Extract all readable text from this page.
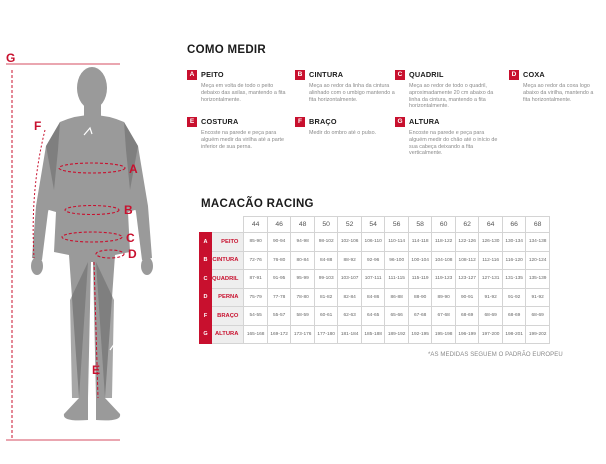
G
F
A
B
C
D
E
COMO MEDIR
A PEITO
Meça em volta de todo o peito debaixo das axilas, mantendo a fita horizontalmente.
B CINTURA
Meça ao redor da linha da cintura alinhado com o umbigo mantendo a fita horizontalmente.
C QUADRIL
Meça ao redor de todo o quadril, aproximadamente 20 cm abaixo da linha da cintura, mantendo a fita horizontalmente.
D COXA
Meça ao redor da coxa logo abaixo da virilha, mantendo a fita horizontalmente.
E COSTURA
Encoste na parede e peça para alguém medir da virilha até a parte inferior de sua perna.
F BRAÇO
Medir do ombro até o pulso.
G ALTURA
Encoste na parede e peça para alguém medir do chão até o início de sua cabeça deixando a fita verticalmente.
MACACÃO RACING
		44	46	48	50	52	54	56	58	60	62	64	66	68
A	PEITO	85-90	90-94	94-98	98-102	102-106	106-110	110-114	114-118	118-122	122-126	126-130	130-134	134-138
B	CINTURA	72-76	76-80	80-84	84-88	88-92	92-96	96-100	100-104	104-108	108-112	112-116	116-120	120-124
C	QUADRIL	87-91	91-95	95-99	99-103	103-107	107-111	111-115	115-119	119-123	123-127	127-131	131-135	135-139
D	PERNA	75-79	77-78	78-80	81-82	82-84	84-86	86-88	88-90	89-90	90-91	91-92	91-92	91-92
F	BRAÇO	54-55	55-57	58-59	60-61	62-63	64-65	65-66	67-68	67-68	68-69	68-69	68-69	68-69
G	ALTURA	165-168	169-172	173-176	177-180	181-184	185-188	189-192	192-195	195-198	196-199	197-200	198-201	199-202
*AS MEDIDAS SEGUEM O PADRÃO EUROPEU
